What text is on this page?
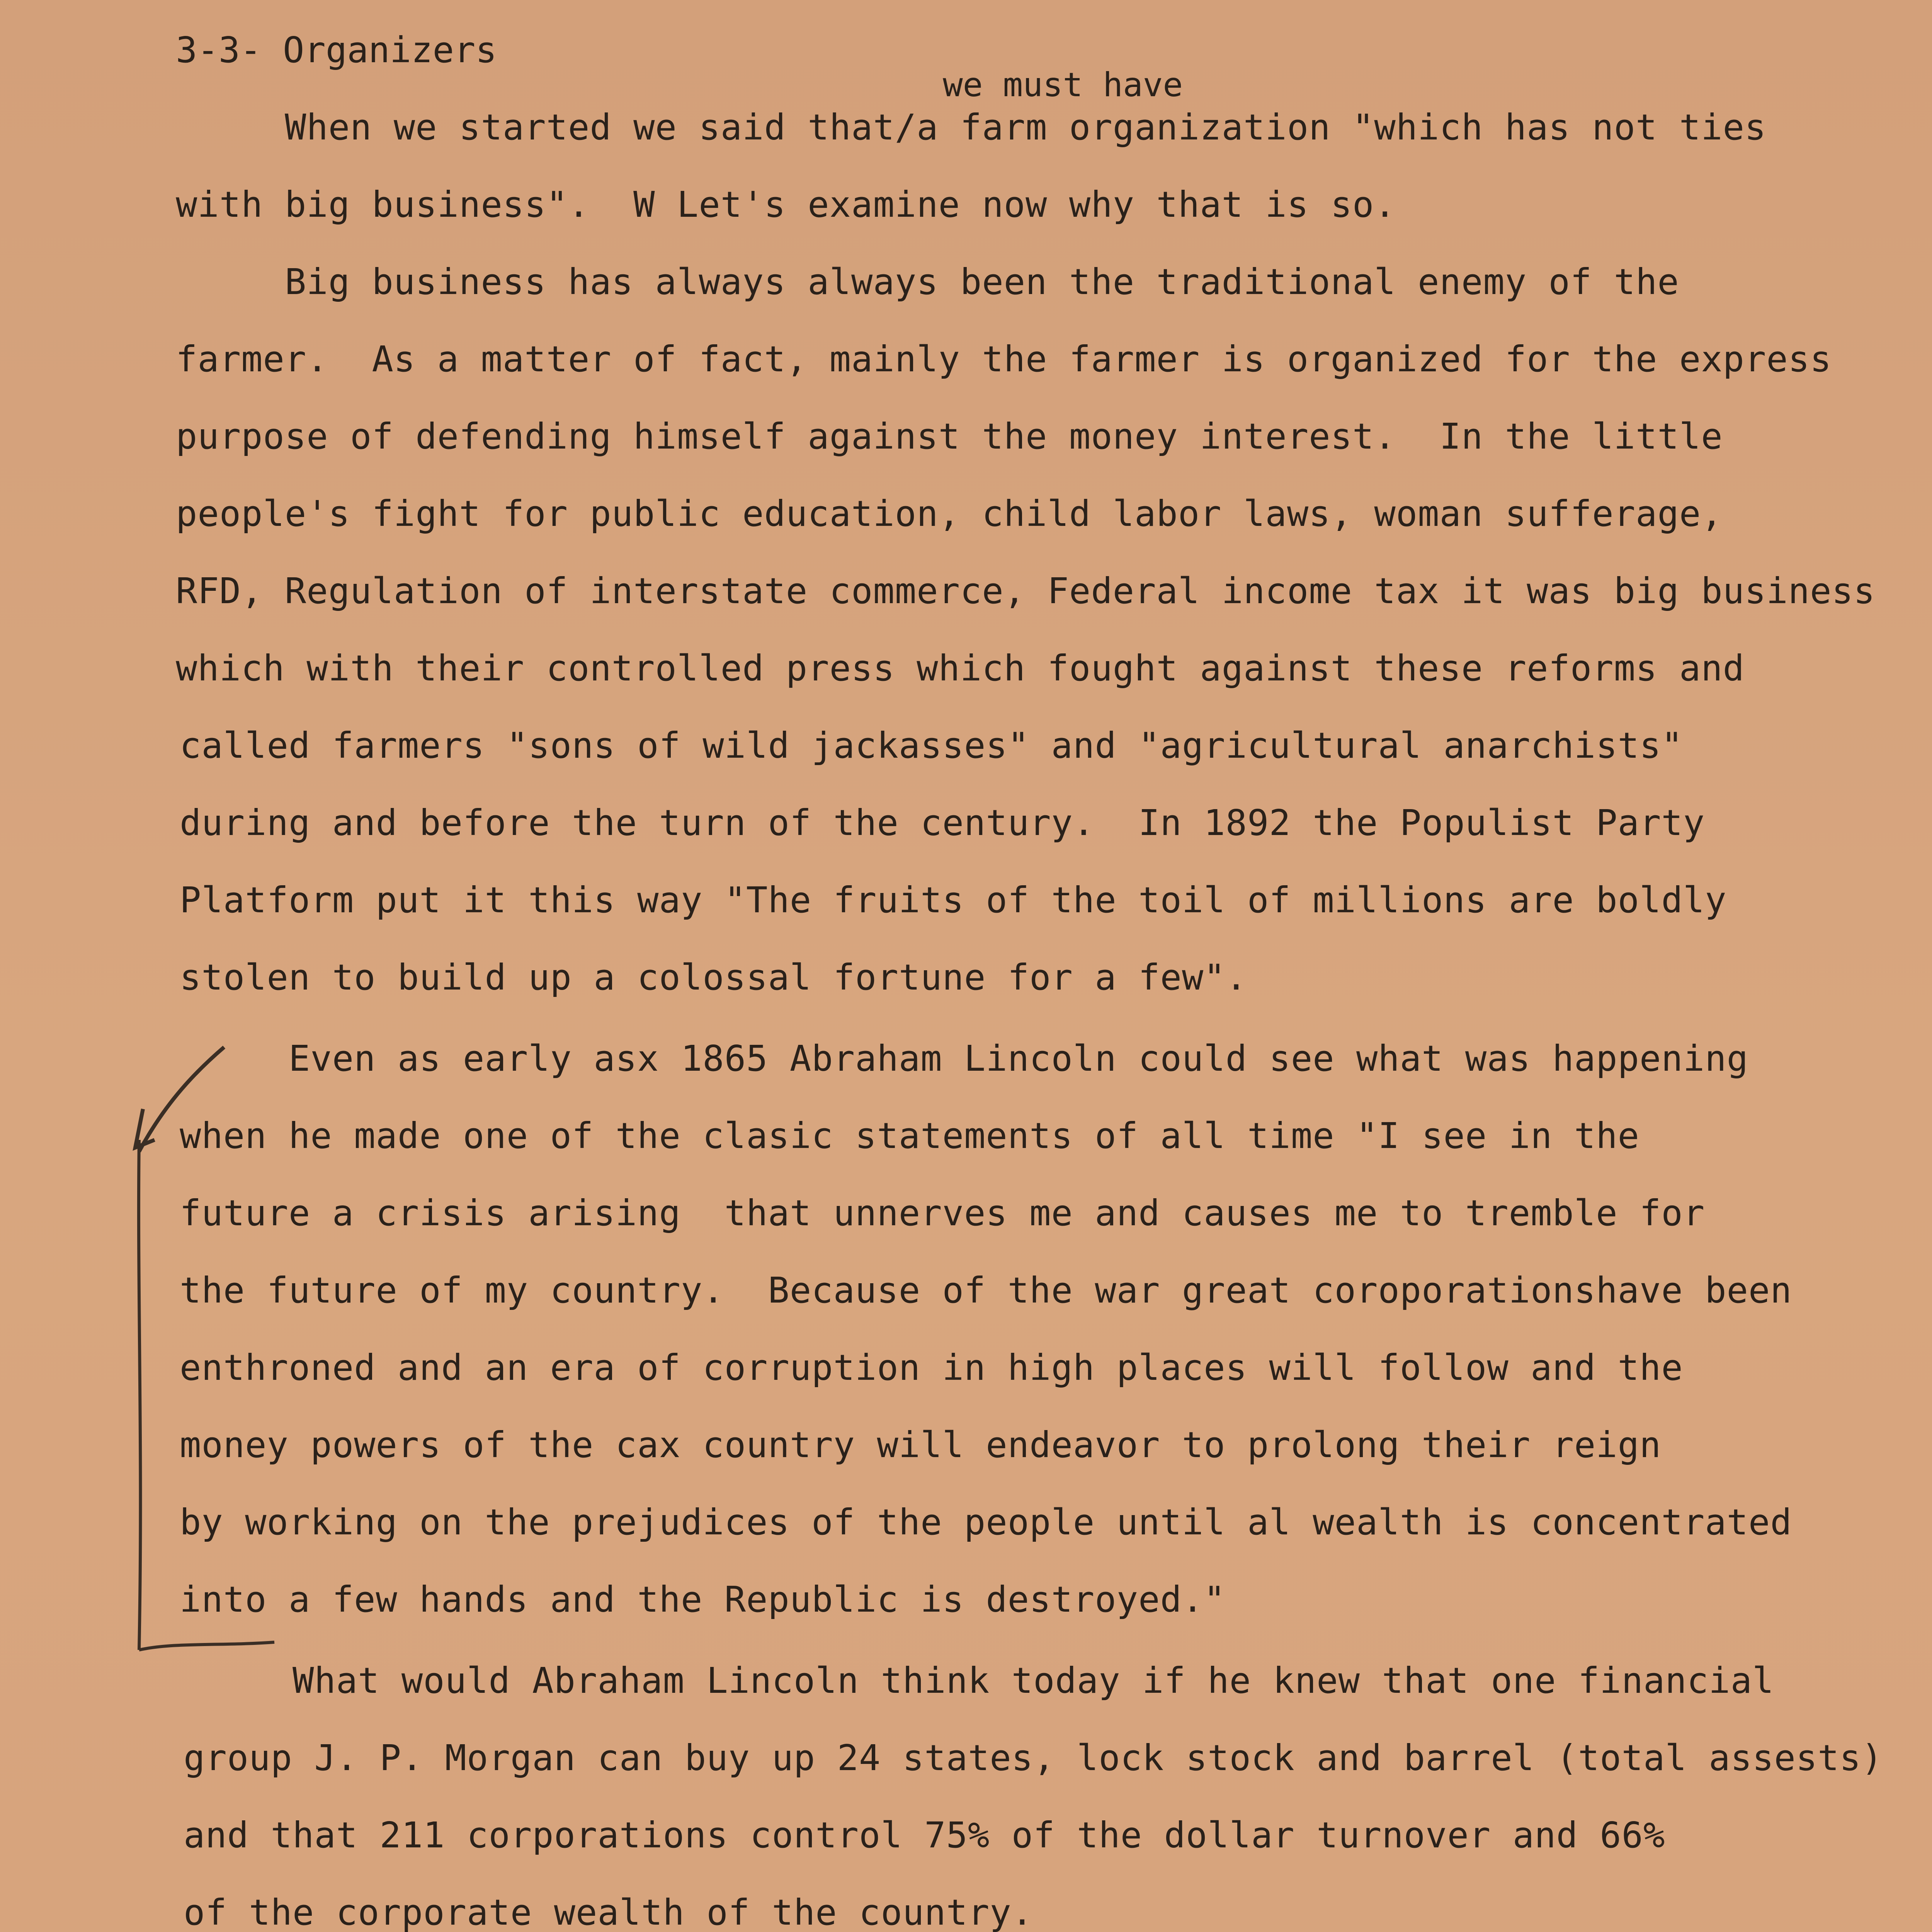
3-3- Organizers
we must have
When we started we said that/a farm organization "which has not ties
with big business".  W Let's examine now why that is so.
Big business has always always been the traditional enemy of the
farmer.  As a matter of fact, mainly the farmer is organized for the express
purpose of defending himself against the money interest.  In the little
people's fight for public education, child labor laws, woman sufferage,
RFD, Regulation of interstate commerce, Federal income tax it was big business
which with their controlled press which fought against these reforms and
called farmers "sons of wild jackasses" and "agricultural anarchists"
during and before the turn of the century.  In 1892 the Populist Party
Platform put it this way "The fruits of the toil of millions are boldly
stolen to build up a colossal fortune for a few".
Even as early asx 1865 Abraham Lincoln could see what was happening
when he made one of the clasic statements of all time "I see in the
future a crisis arising  that unnerves me and causes me to tremble for
the future of my country.  Because of the war great coroporationshave been
enthroned and an era of corruption in high places will follow and the
money powers of the cax country will endeavor to prolong their reign
by working on the prejudices of the people until al wealth is concentrated
into a few hands and the Republic is destroyed."
What would Abraham Lincoln think today if he knew that one financial
group J. P. Morgan can buy up 24 states, lock stock and barrel (total assests)
and that 211 corporations control 75% of the dollar turnover and 66%
of the corporate wealth of the country.
